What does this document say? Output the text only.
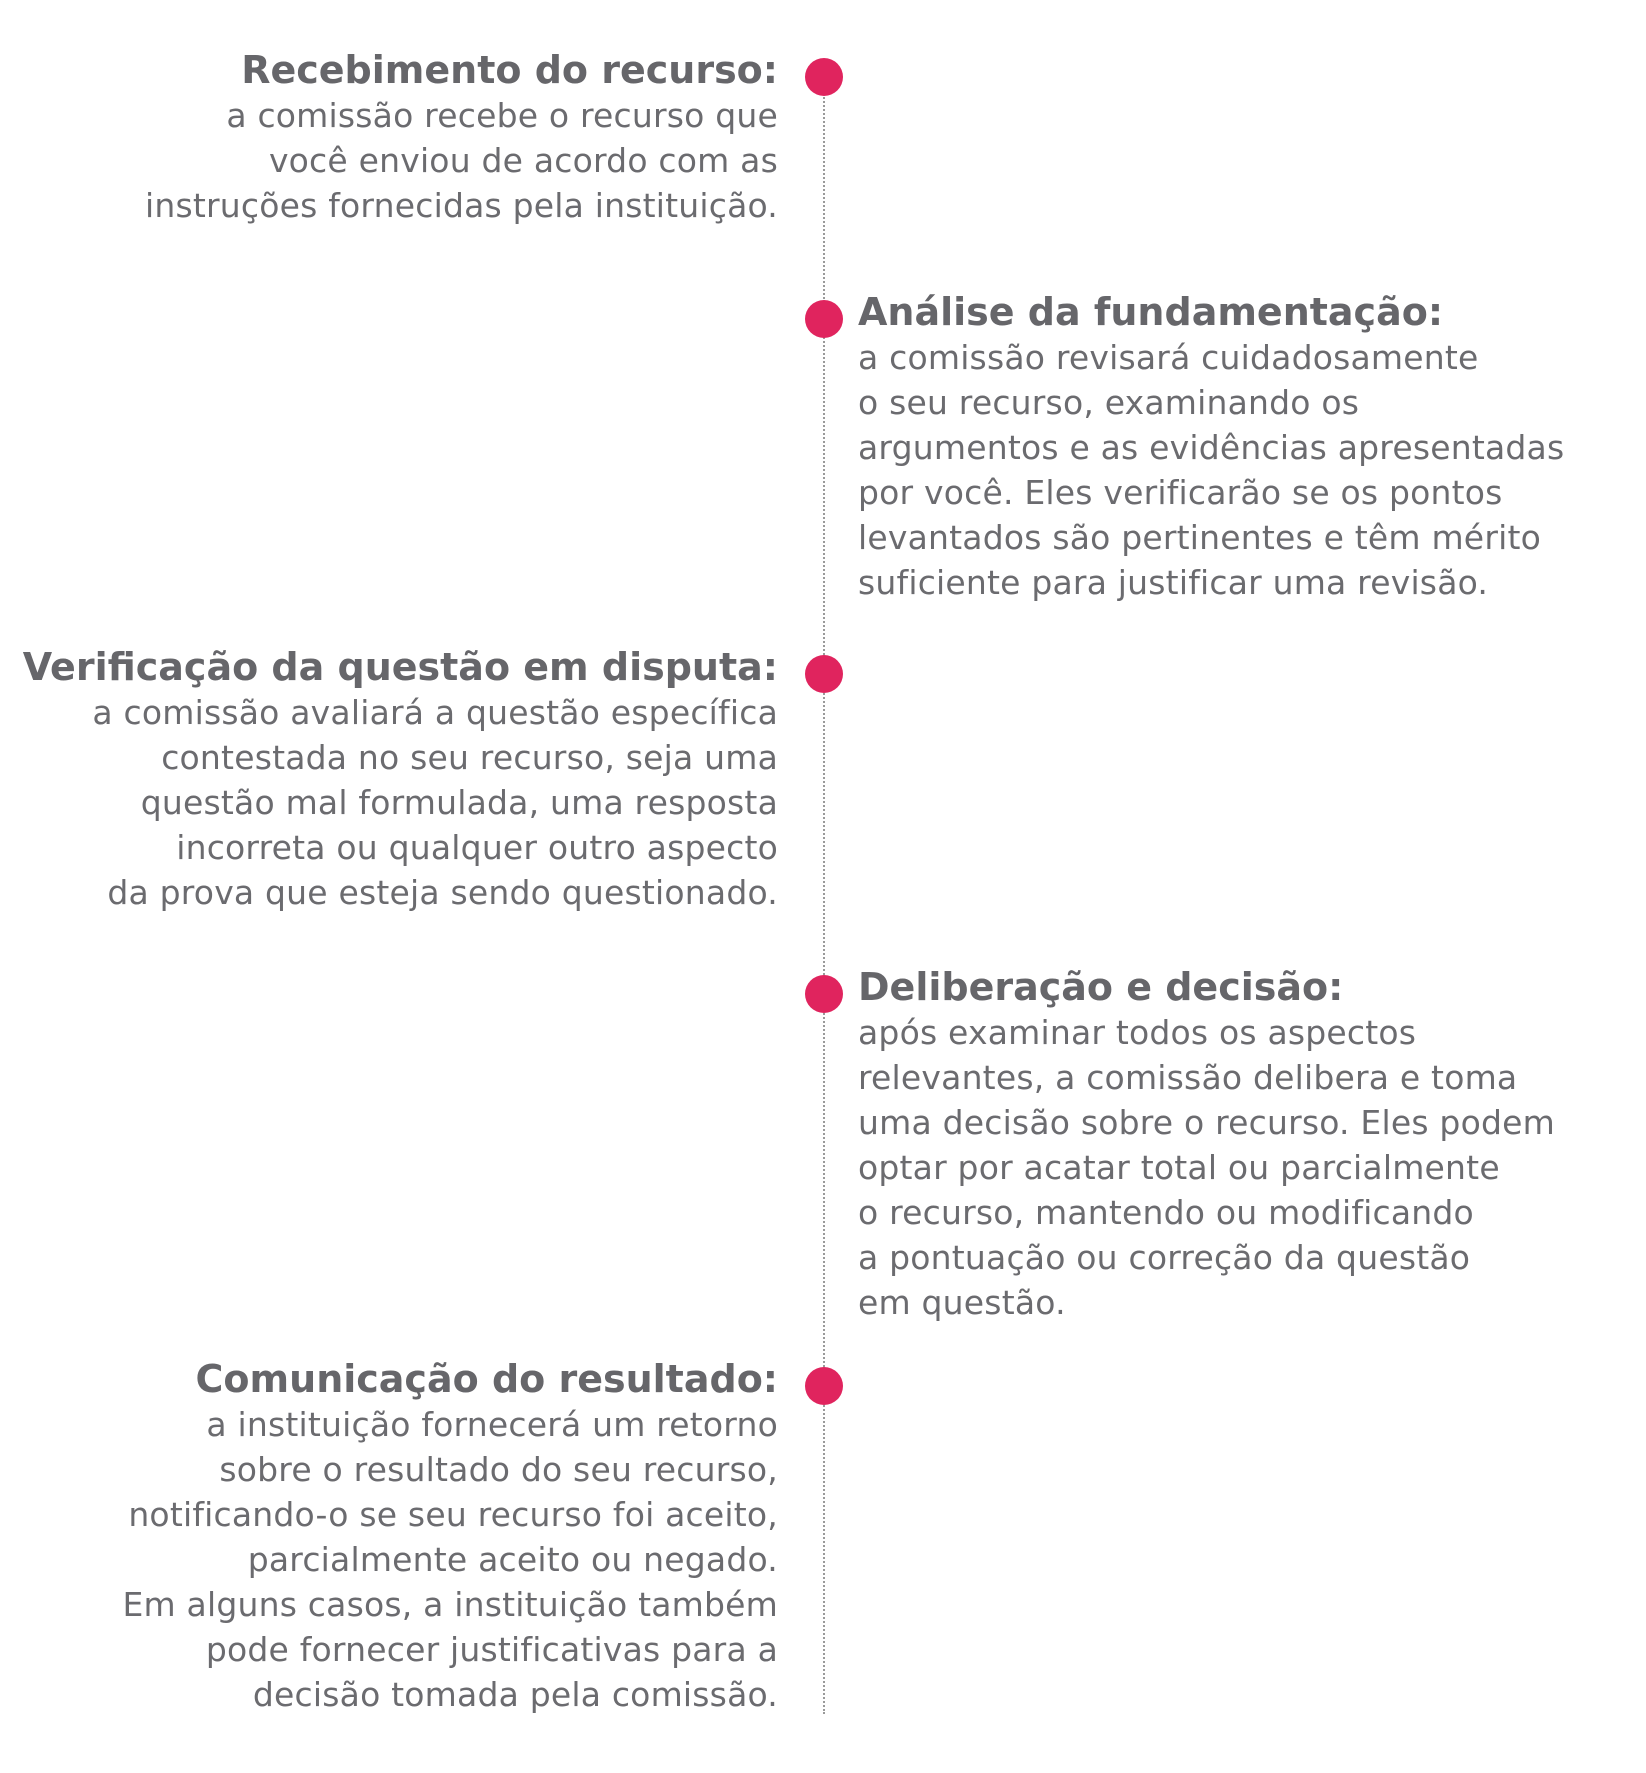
Recebimento do recurso:
a comissão recebe o recurso que
você enviou de acordo com as
instruções fornecidas pela instituição.
Análise da fundamentação:
a comissão revisará cuidadosamente
o seu recurso, examinando os
argumentos e as evidências apresentadas
por você. Eles verificarão se os pontos
levantados são pertinentes e têm mérito
suficiente para justificar uma revisão.
Verificação da questão em disputa:
a comissão avaliará a questão específica
contestada no seu recurso, seja uma
questão mal formulada, uma resposta
incorreta ou qualquer outro aspecto
da prova que esteja sendo questionado.
Deliberação e decisão:
após examinar todos os aspectos
relevantes, a comissão delibera e toma
uma decisão sobre o recurso. Eles podem
optar por acatar total ou parcialmente
o recurso, mantendo ou modificando
a pontuação ou correção da questão
em questão.
Comunicação do resultado:
a instituição fornecerá um retorno
sobre o resultado do seu recurso,
notificando-o se seu recurso foi aceito,
parcialmente aceito ou negado.
Em alguns casos, a instituição também
pode fornecer justificativas para a
decisão tomada pela comissão.
